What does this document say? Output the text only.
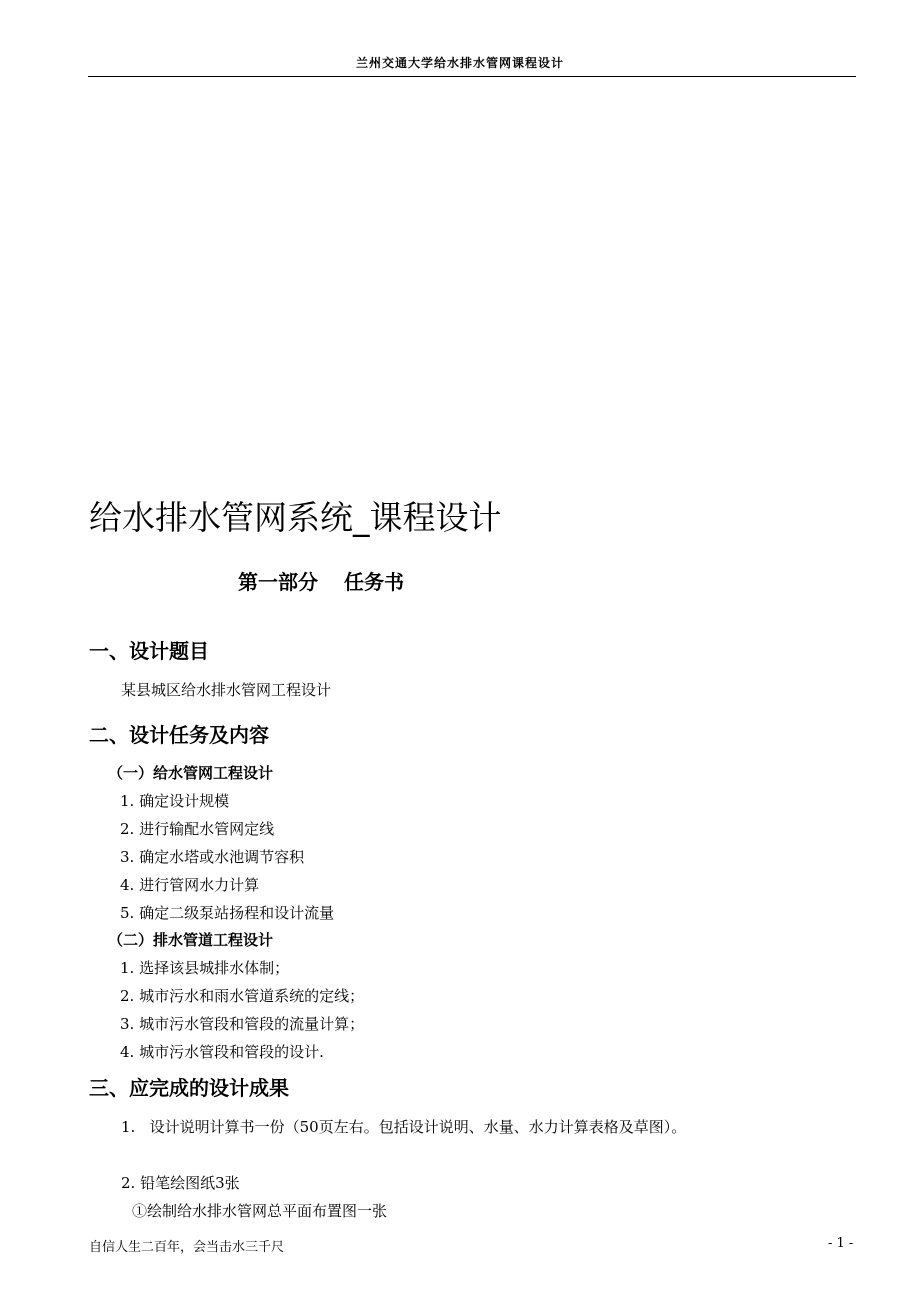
兰州交通大学给水排水管网课程设计
给水排水管网系统_课程设计
第一部分 任务书
一、设计题目
某县城区给水排水管网工程设计
二、设计任务及内容
（一）给水管网工程设计
1. 确定设计规模
2. 进行输配水管网定线
3. 确定水塔或水池调节容积
4. 进行管网水力计算
5. 确定二级泵站扬程和设计流量
（二）排水管道工程设计
1. 选择该县城排水体制；
2. 城市污水和雨水管道系统的定线；
3. 城市污水管段和管段的流量计算；
4. 城市污水管段和管段的设计.
三、应完成的设计成果
1.   设计说明计算书一份（50页左右。包括设计说明、水量、水力计算表格及草图）。
2. 铅笔绘图纸3张
①绘制给水排水管网总平面布置图一张
自信人生二百年，会当击水三千尺	- 1 -
